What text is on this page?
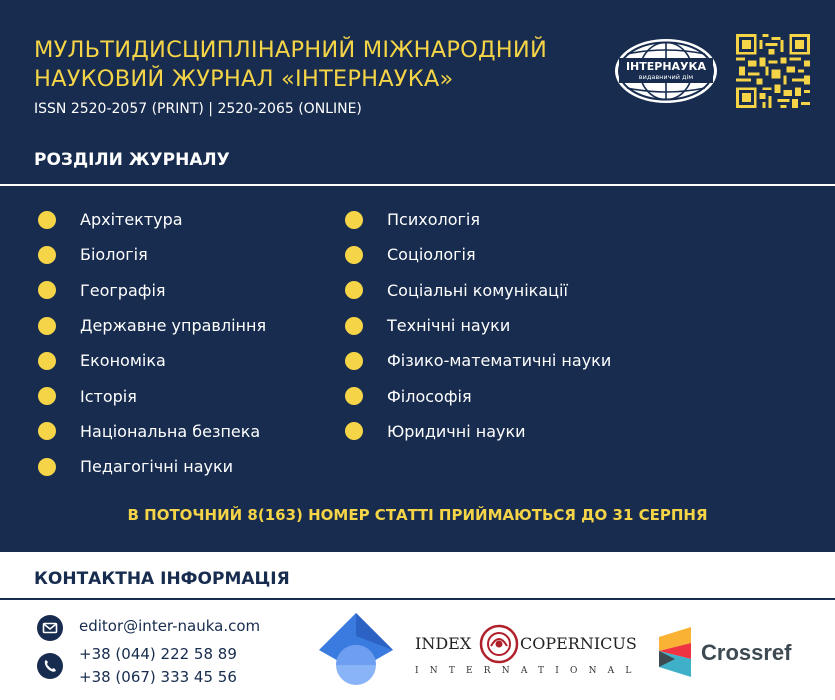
МУЛЬТИДИСЦИПЛІНАРНИЙ МІЖНАРОДНИЙ
НАУКОВИЙ ЖУРНАЛ «ІНТЕРНАУКА»
ISSN 2520-2057 (PRINT) | 2520-2065 (ONLINE)
ІНТЕРНАУКА
видавничий дім
РОЗДІЛИ ЖУРНАЛУ
Архітектура
Біологія
Географія
Державне управління
Економіка
Історія
Національна безпека
Педагогічні науки
Психологія
Соціологія
Соціальні комунікації
Технічні науки
Фізико-математичні науки
Філософія
Юридичні науки
В ПОТОЧНИЙ 8(163) НОМЕР СТАТТІ ПРИЙМАЮТЬСЯ ДО 31 СЕРПНЯ
КОНТАКТНА ІНФОРМАЦІЯ
editor@inter-nauka.com
+38 (044) 222 58 89
+38 (067) 333 45 56
INDEX	COPERNICUS
INTERNATIONAL
Crossref
